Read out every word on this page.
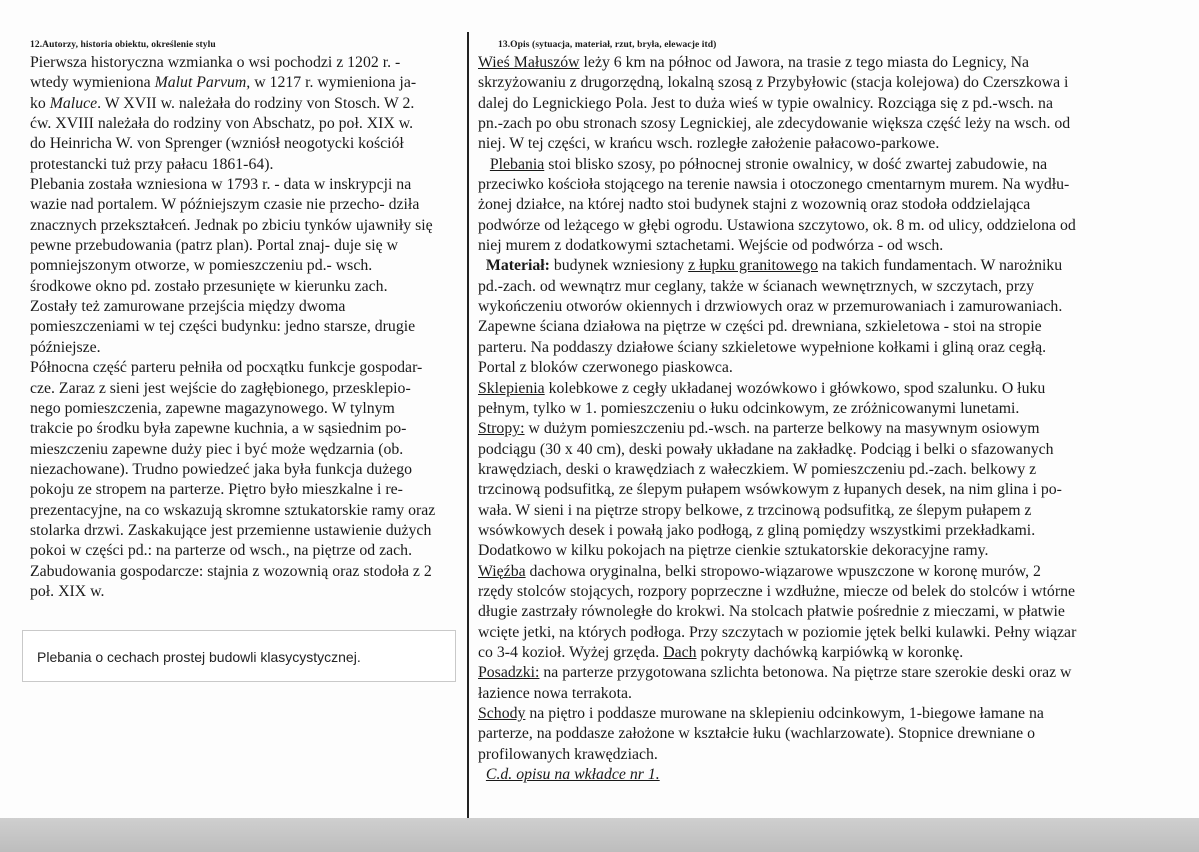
12.Autorzy, historia obiektu, określenie stylu
Pierwsza historyczna wzmianka o wsi pochodzi z 1202 r. -
wtedy wymieniona Malut Parvum, w 1217 r. wymieniona ja-
ko Maluce. W XVII w. należała do rodziny von Stosch. W 2.
ćw. XVIII należała do rodziny von Abschatz, po poł. XIX w.
do Heinricha W. von Sprenger (wzniósł neogotycki kościół
protestancki tuż przy pałacu 1861-64).
Plebania została wzniesiona w 1793 r. - data w inskrypcji na
wazie nad portalem. W późniejszym czasie nie przecho- dziła
znacznych przekształceń. Jednak po zbiciu tynków ujawniły się
pewne przebudowania (patrz plan). Portal znaj- duje się w
pomniejszonym otworze, w pomieszczeniu pd.- wsch.
środkowe okno pd. zostało przesunięte w kierunku zach.
Zostały też zamurowane przejścia między dwoma
pomieszczeniami w tej części budynku: jedno starsze, drugie
późniejsze.
Północna część parteru pełniła od pocxątku funkcje gospodar-
cze. Zaraz z sieni jest wejście do zagłębionego, przesklepio-
nego pomieszczenia, zapewne magazynowego. W tylnym
trakcie po środku była zapewne kuchnia, a w sąsiednim po-
mieszczeniu zapewne duży piec i być może wędzarnia (ob.
niezachowane). Trudno powiedzeć jaka była funkcja dużego
pokoju ze stropem na parterze. Piętro było mieszkalne i re-
prezentacyjne, na co wskazują skromne sztukatorskie ramy oraz
stolarka drzwi. Zaskakujące jest przemienne ustawienie dużych
pokoi w części pd.: na parterze od wsch., na piętrze od zach.
Zabudowania gospodarcze: stajnia z wozownią oraz stodoła z 2
poł. XIX w.
Plebania o cechach prostej budowli klasycystycznej.
13.Opis (sytuacja, materiał, rzut, bryła, elewacje itd)
Wieś Małuszów leży 6 km na północ od Jawora, na trasie z tego miasta do Legnicy, Na
skrzyżowaniu z drugorzędną, lokalną szosą z Przybyłowic (stacja kolejowa) do Czerszkowa i
dalej do Legnickiego Pola. Jest to duża wieś w typie owalnicy. Rozciąga się z pd.-wsch. na
pn.-zach po obu stronach szosy Legnickiej, ale zdecydowanie większa część leży na wsch. od
niej. W tej części, w krańcu wsch. rozległe założenie pałacowo-parkowe.
Plebania stoi blisko szosy, po północnej stronie owalnicy, w dość zwartej zabudowie, na
przeciwko kościoła stojącego na terenie nawsia i otoczonego cmentarnym murem. Na wydłu-
żonej działce, na której nadto stoi budynek stajni z wozownią oraz stodoła oddzielająca
podwórze od leżącego w głębi ogrodu. Ustawiona szczytowo, ok. 8 m. od ulicy, oddzielona od
niej murem z dodatkowymi sztachetami. Wejście od podwórza - od wsch.
Materiał: budynek wzniesiony z łupku granitowego na takich fundamentach. W narożniku
pd.-zach. od wewnątrz mur ceglany, także w ścianach wewnętrznych, w szczytach, przy
wykończeniu otworów okiennych i drzwiowych oraz w przemurowaniach i zamurowaniach.
Zapewne ściana działowa na piętrze w części pd. drewniana, szkieletowa - stoi na stropie
parteru. Na poddaszy działowe ściany szkieletowe wypełnione kołkami i gliną oraz cegłą.
Portal z bloków czerwonego piaskowca.
Sklepienia kolebkowe z cegły układanej wozówkowo i główkowo, spod szalunku. O łuku
pełnym, tylko w 1. pomieszczeniu o łuku odcinkowym, ze zróżnicowanymi lunetami.
Stropy: w dużym pomieszczeniu pd.-wsch. na parterze belkowy na masywnym osiowym
podciągu (30 x 40 cm), deski powały układane na zakładkę. Podciąg i belki o sfazowanych
krawędziach, deski o krawędziach z wałeczkiem. W pomieszczeniu pd.-zach. belkowy z
trzcinową podsufitką, ze ślepym pułapem wsówkowym z łupanych desek, na nim glina i po-
wała. W sieni i na piętrze stropy belkowe, z trzcinową podsufitką, ze ślepym pułapem z
wsówkowych desek i powałą jako podłogą, z gliną pomiędzy wszystkimi przekładkami.
Dodatkowo w kilku pokojach na piętrze cienkie sztukatorskie dekoracyjne ramy.
Więźba dachowa oryginalna, belki stropowo-wiązarowe wpuszczone w koronę murów, 2
rzędy stolców stojących, rozpory poprzeczne i wzdłużne, miecze od belek do stolców i wtórne
długie zastrzały równoległe do krokwi. Na stolcach płatwie pośrednie z mieczami, w płatwie
wcięte jetki, na których podłoga. Przy szczytach w poziomie jętek belki kulawki. Pełny wiązar
co 3-4 kozioł. Wyżej grzęda. Dach pokryty dachówką karpiówką w koronkę.
Posadzki: na parterze przygotowana szlichta betonowa. Na piętrze stare szerokie deski oraz w
łazience nowa terrakota.
Schody na piętro i poddasze murowane na sklepieniu odcinkowym, 1-biegowe łamane na
parterze, na poddasze założone w kształcie łuku (wachlarzowate). Stopnice drewniane o
profilowanych krawędziach.
C.d. opisu na wkładce nr 1.
